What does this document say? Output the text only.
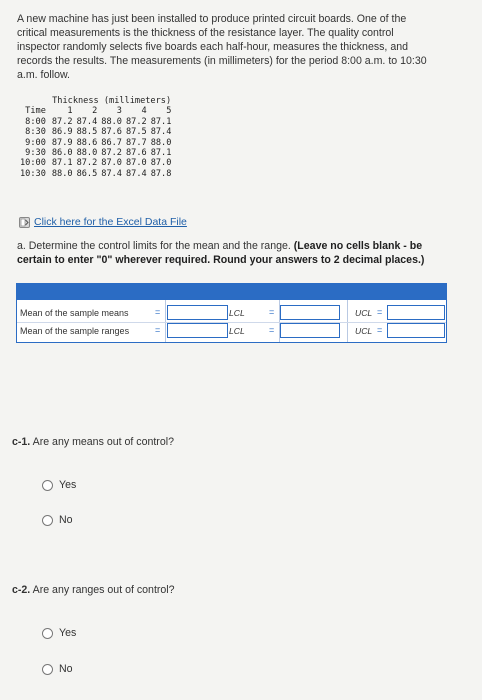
A new machine has just been installed to produce printed circuit boards. One of the
critical measurements is the thickness of the resistance layer. The quality control
inspector randomly selects five boards each half-hour, measures the thickness, and
records the results. The measurements (in millimeters) for the period 8:00 a.m. to 10:30
a.m. follow.
	Thickness (millimeters)				
Time	1	2	3	4	5
8:00	87.2	87.4	88.0	87.2	87.1
8:30	86.9	88.5	87.6	87.5	87.4
9:00	87.9	88.6	86.7	87.7	88.0
9:30	86.0	88.0	87.2	87.6	87.1
10:00	87.1	87.2	87.0	87.0	87.0
10:30	88.0	86.5	87.4	87.4	87.8
Click here for the Excel Data File
a. Determine the control limits for the mean and the range. (Leave no cells blank - be
certain to enter "0" wherever required. Round your answers to 2 decimal places.)
Mean of the sample means	=	LCL	=	UCL =
Mean of the sample ranges	=	LCL	=	UCL =
c-1. Are any means out of control?
Yes
No
c-2. Are any ranges out of control?
Yes
No
